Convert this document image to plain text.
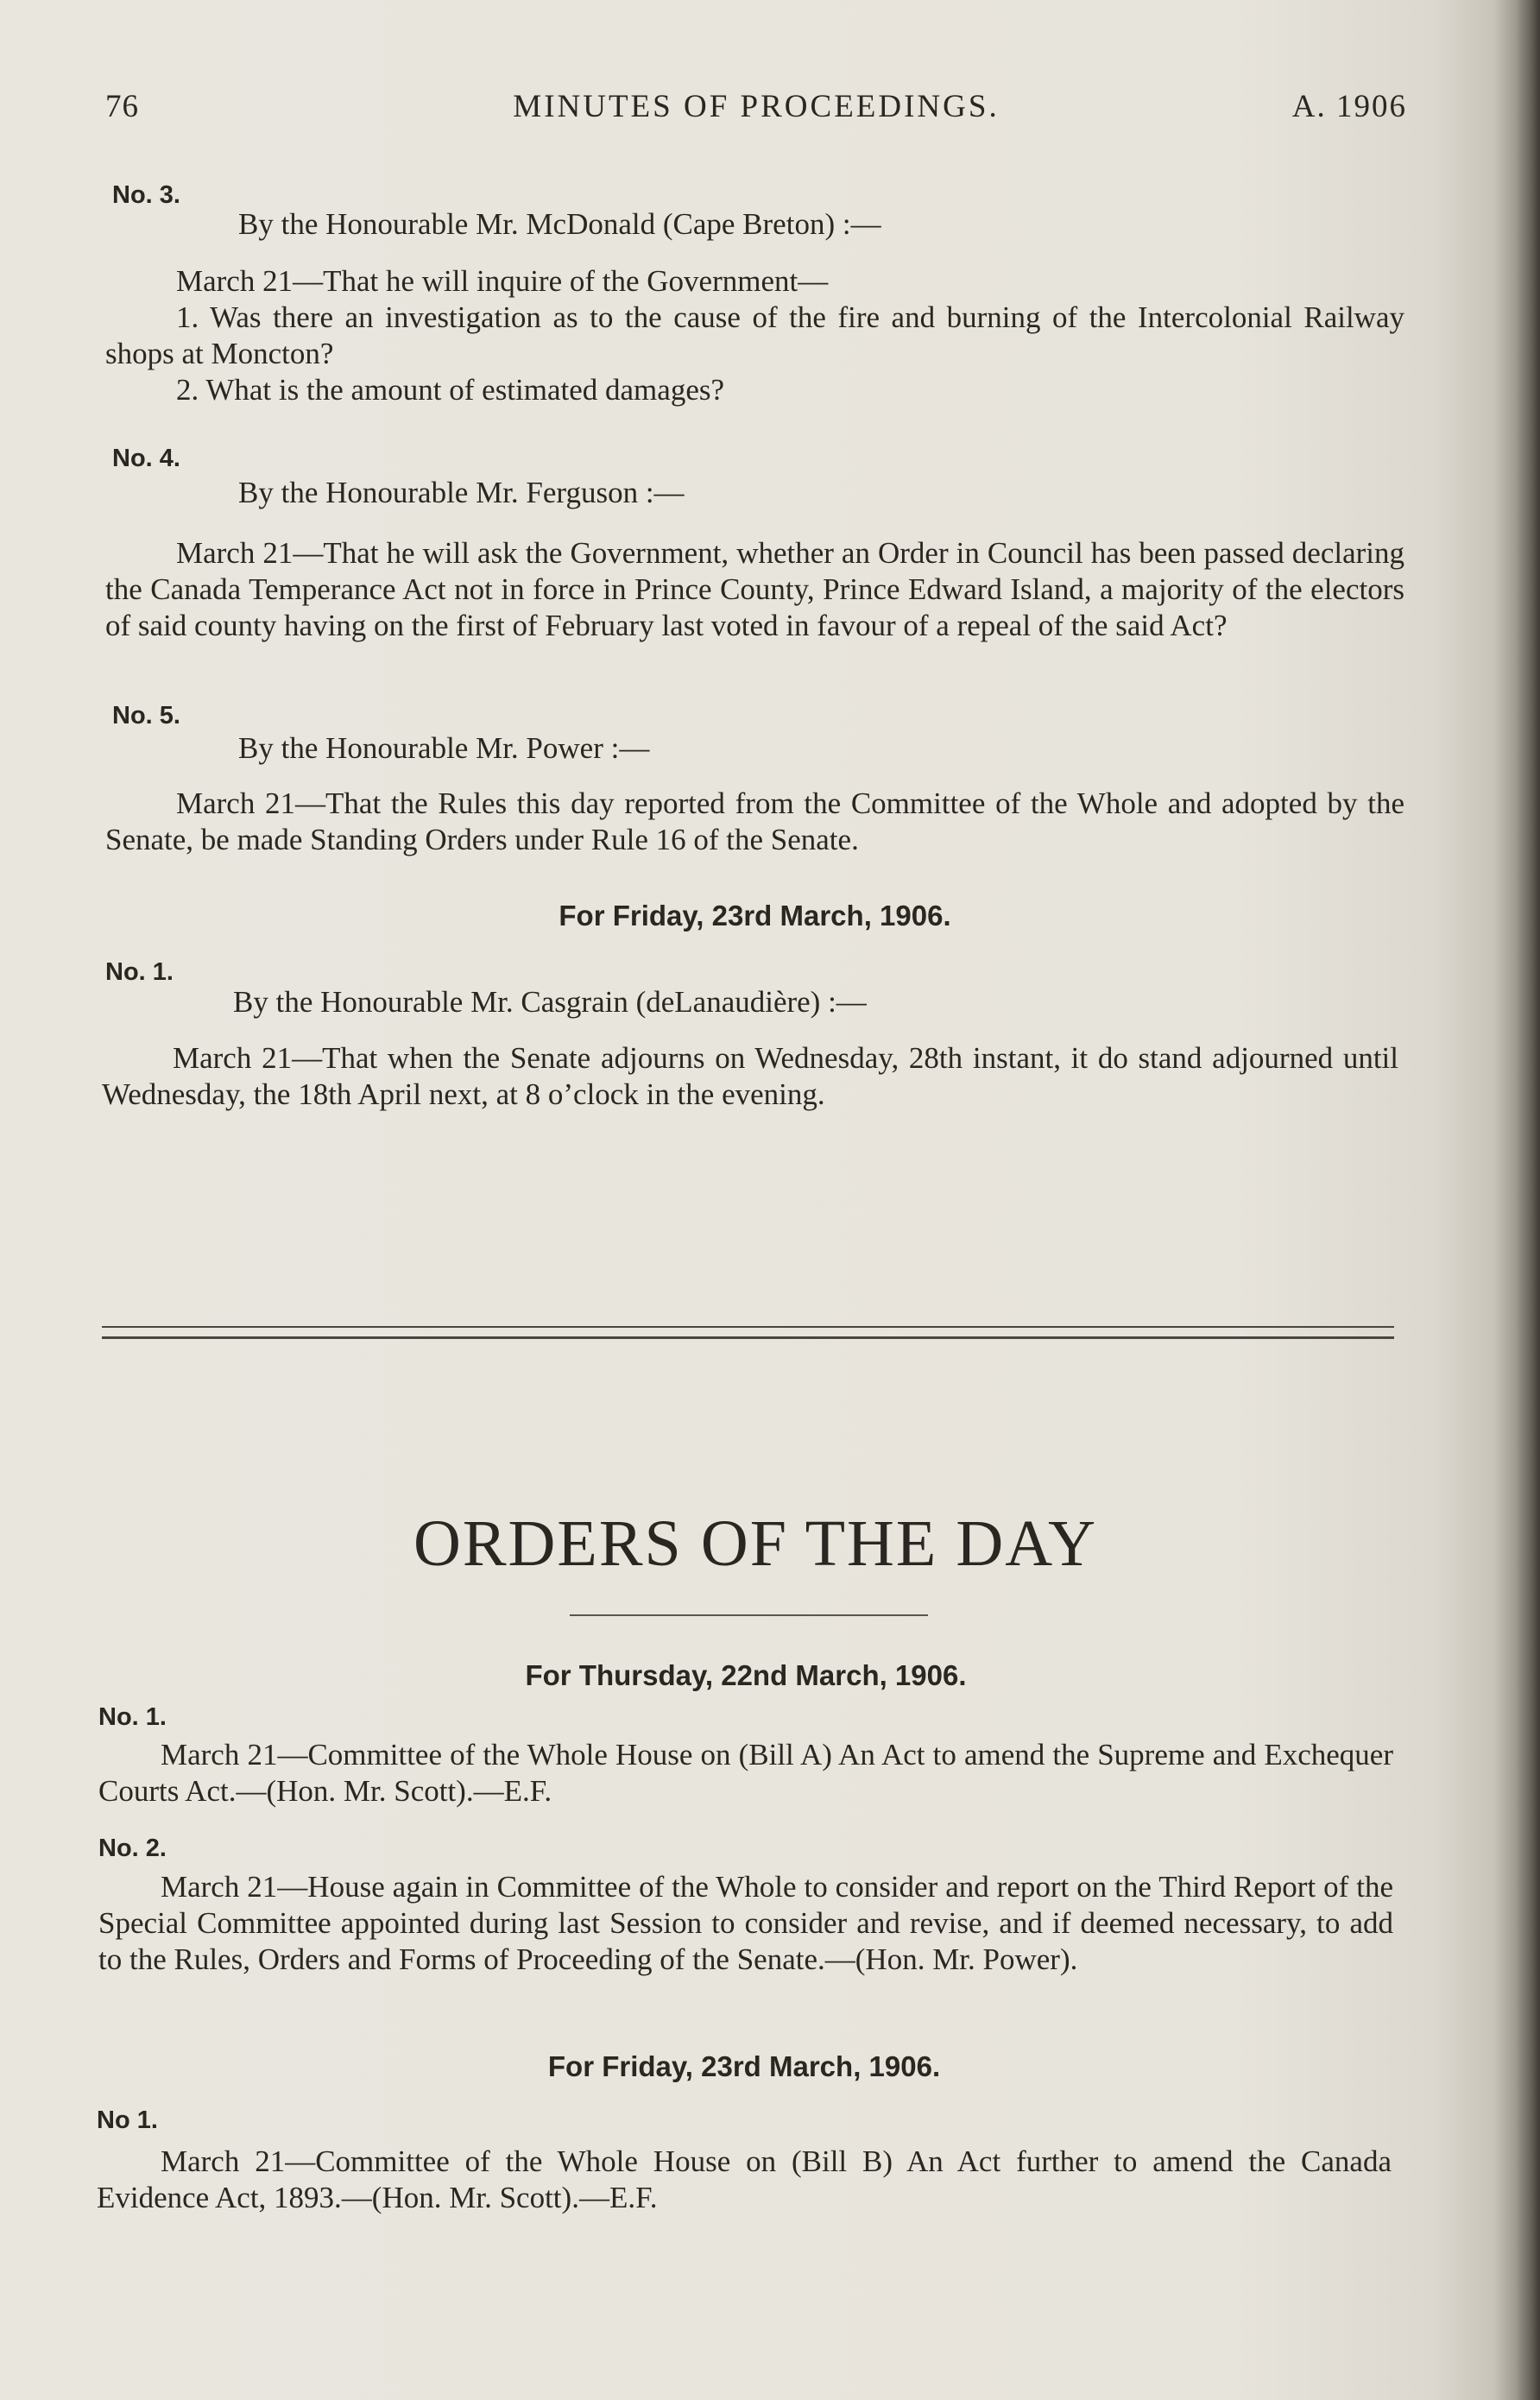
76	MINUTES OF PROCEEDINGS.	A. 1906
No. 3.
By the Honourable Mr. McDonald (Cape Breton) :—

March 21—That he will inquire of the Government—

1. Was there an investigation as to the cause of the fire and burning of the Intercolonial Railway shops at Moncton?

2. What is the amount of estimated damages?

No. 4.
By the Honourable Mr. Ferguson :—

March 21—That he will ask the Government, whether an Order in Council has been passed declaring the Canada Temperance Act not in force in Prince County, Prince Edward Island, a majority of the electors of said county having on the first of February last voted in favour of a repeal of the said Act?

No. 5.
By the Honourable Mr. Power :—

March 21—That the Rules this day reported from the Committee of the Whole and adopted by the Senate, be made Standing Orders under Rule 16 of the Senate.

For Friday, 23rd March, 1906.
No. 1.
By the Honourable Mr. Casgrain (deLanaudière) :—

March 21—That when the Senate adjourns on Wednesday, 28th instant, it do stand adjourned until Wednesday, the 18th April next, at 8 o’clock in the evening.

ORDERS OF THE DAY
For Thursday, 22nd March, 1906.
No. 1.

March 21—Committee of the Whole House on (Bill A) An Act to amend the Supreme and Exchequer Courts Act.—(Hon. Mr. Scott).—E.F.

No. 2.

March 21—House again in Committee of the Whole to consider and report on the Third Report of the Special Committee appointed during last Session to consider and revise, and if deemed necessary, to add to the Rules, Orders and Forms of Proceeding of the Senate.—(Hon. Mr. Power).

For Friday, 23rd March, 1906.
No 1.

March 21—Committee of the Whole House on (Bill B) An Act further to amend the Canada Evidence Act, 1893.—(Hon. Mr. Scott).—E.F.
